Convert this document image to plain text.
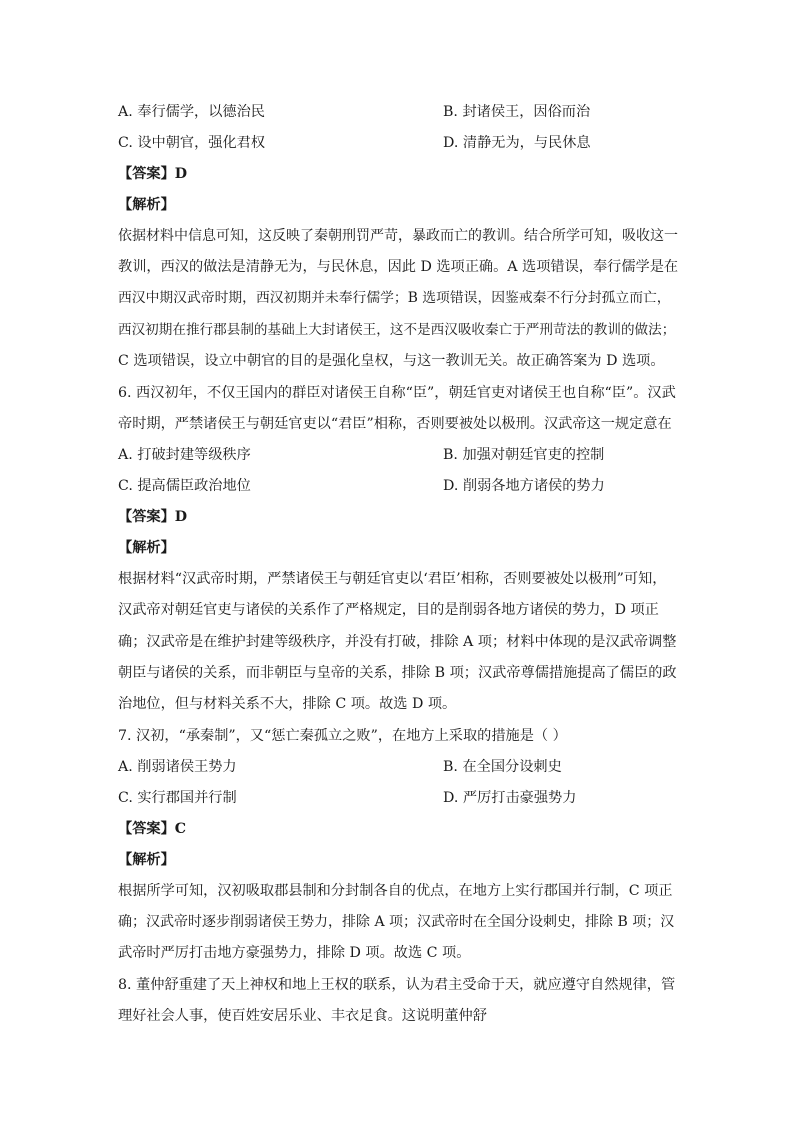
A. 奉行儒学，以德治民	B. 封诸侯王，因俗而治
C. 设中朝官，强化君权	D. 清静无为，与民休息
【答案】D
【解析】
依据材料中信息可知，这反映了秦朝刑罚严苛，暴政而亡的教训。结合所学可知，吸收这一
教训，西汉的做法是清静无为，与民休息，因此 D 选项正确。A 选项错误，奉行儒学是在
西汉中期汉武帝时期，西汉初期并未奉行儒学；B 选项错误，因鉴戒秦不行分封孤立而亡，
西汉初期在推行郡县制的基础上大封诸侯王，这不是西汉吸收秦亡于严刑苛法的教训的做法；
C 选项错误，设立中朝官的目的是强化皇权，与这一教训无关。故正确答案为 D 选项。
6. 西汉初年，不仅王国内的群臣对诸侯王自称“臣”，朝廷官吏对诸侯王也自称“臣”。汉武
帝时期，严禁诸侯王与朝廷官吏以“君臣”相称，否则要被处以极刑。汉武帝这一规定意在
A. 打破封建等级秩序	B. 加强对朝廷官吏的控制
C. 提高儒臣政治地位	D. 削弱各地方诸侯的势力
【答案】D
【解析】
根据材料“汉武帝时期，严禁诸侯王与朝廷官吏以‘君臣’相称，否则要被处以极刑”可知，
汉武帝对朝廷官吏与诸侯的关系作了严格规定，目的是削弱各地方诸侯的势力，D 项正
确；汉武帝是在维护封建等级秩序，并没有打破，排除 A 项；材料中体现的是汉武帝调整
朝臣与诸侯的关系，而非朝臣与皇帝的关系，排除 B 项；汉武帝尊儒措施提高了儒臣的政
治地位，但与材料关系不大，排除 C 项。故选 D 项。
7. 汉初，“承秦制”，又“惩亡秦孤立之败”，在地方上采取的措施是（ ）
A. 削弱诸侯王势力	B. 在全国分设刺史
C. 实行郡国并行制	D. 严厉打击豪强势力
【答案】C
【解析】
根据所学可知，汉初吸取郡县制和分封制各自的优点，在地方上实行郡国并行制，C 项正
确；汉武帝时逐步削弱诸侯王势力，排除 A 项；汉武帝时在全国分设刺史，排除 B 项；汉
武帝时严厉打击地方豪强势力，排除 D 项。故选 C 项。
8. 董仲舒重建了天上神权和地上王权的联系，认为君主受命于天，就应遵守自然规律，管
理好社会人事，使百姓安居乐业、丰衣足食。这说明董仲舒
